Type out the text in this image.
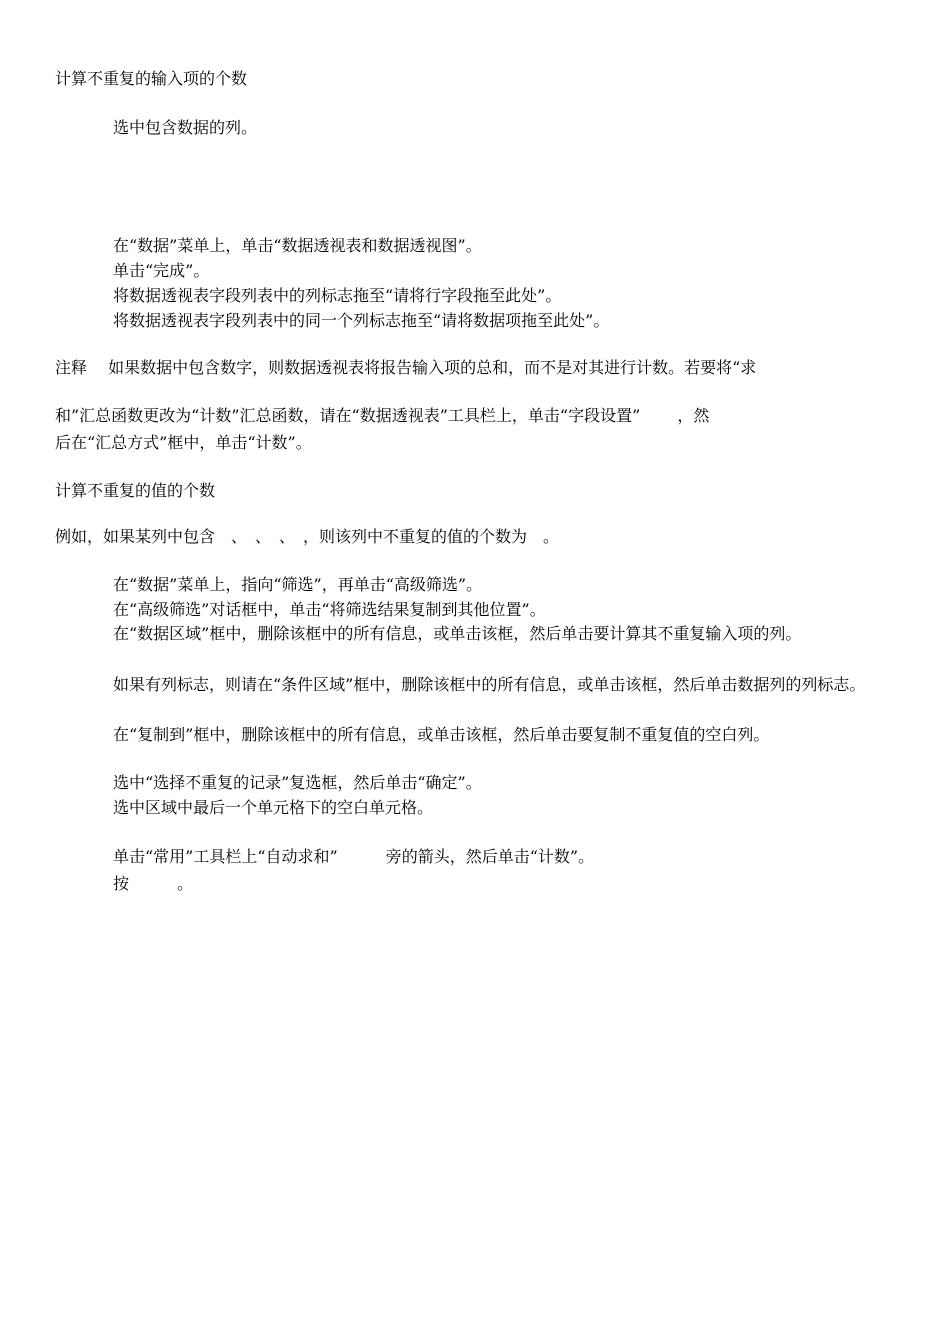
计算不重复的输入项的个数
选中包含数据的列。
在“数据”菜单上，单击“数据透视表和数据透视图”。
单击“完成”。
将数据透视表字段列表中的列标志拖至“请将行字段拖至此处”。
将数据透视表字段列表中的同一个列标志拖至“请将数据项拖至此处”。
注释　 如果数据中包含数字，则数据透视表将报告输入项的总和，而不是对其进行计数。若要将“求
和”汇总函数更改为“计数”汇总函数，请在“数据透视表”工具栏上，单击“字段设置”　　 ，然
后在“汇总方式”框中，单击“计数”。
计算不重复的值的个数
例如，如果某列中包含　、　、　、　，则该列中不重复的值的个数为　。
在“数据”菜单上，指向“筛选”，再单击“高级筛选”。
在“高级筛选”对话框中，单击“将筛选结果复制到其他位置”。
在“数据区域”框中，删除该框中的所有信息，或单击该框，然后单击要计算其不重复输入项的列。
如果有列标志，则请在“条件区域”框中，删除该框中的所有信息，或单击该框，然后单击数据列的列标志。
在“复制到”框中，删除该框中的所有信息，或单击该框，然后单击要复制不重复值的空白列。
选中“选择不重复的记录”复选框，然后单击“确定”。
选中区域中最后一个单元格下的空白单元格。
单击“常用”工具栏上“自动求和”　　　旁的箭头，然后单击“计数”。
按　　　。
